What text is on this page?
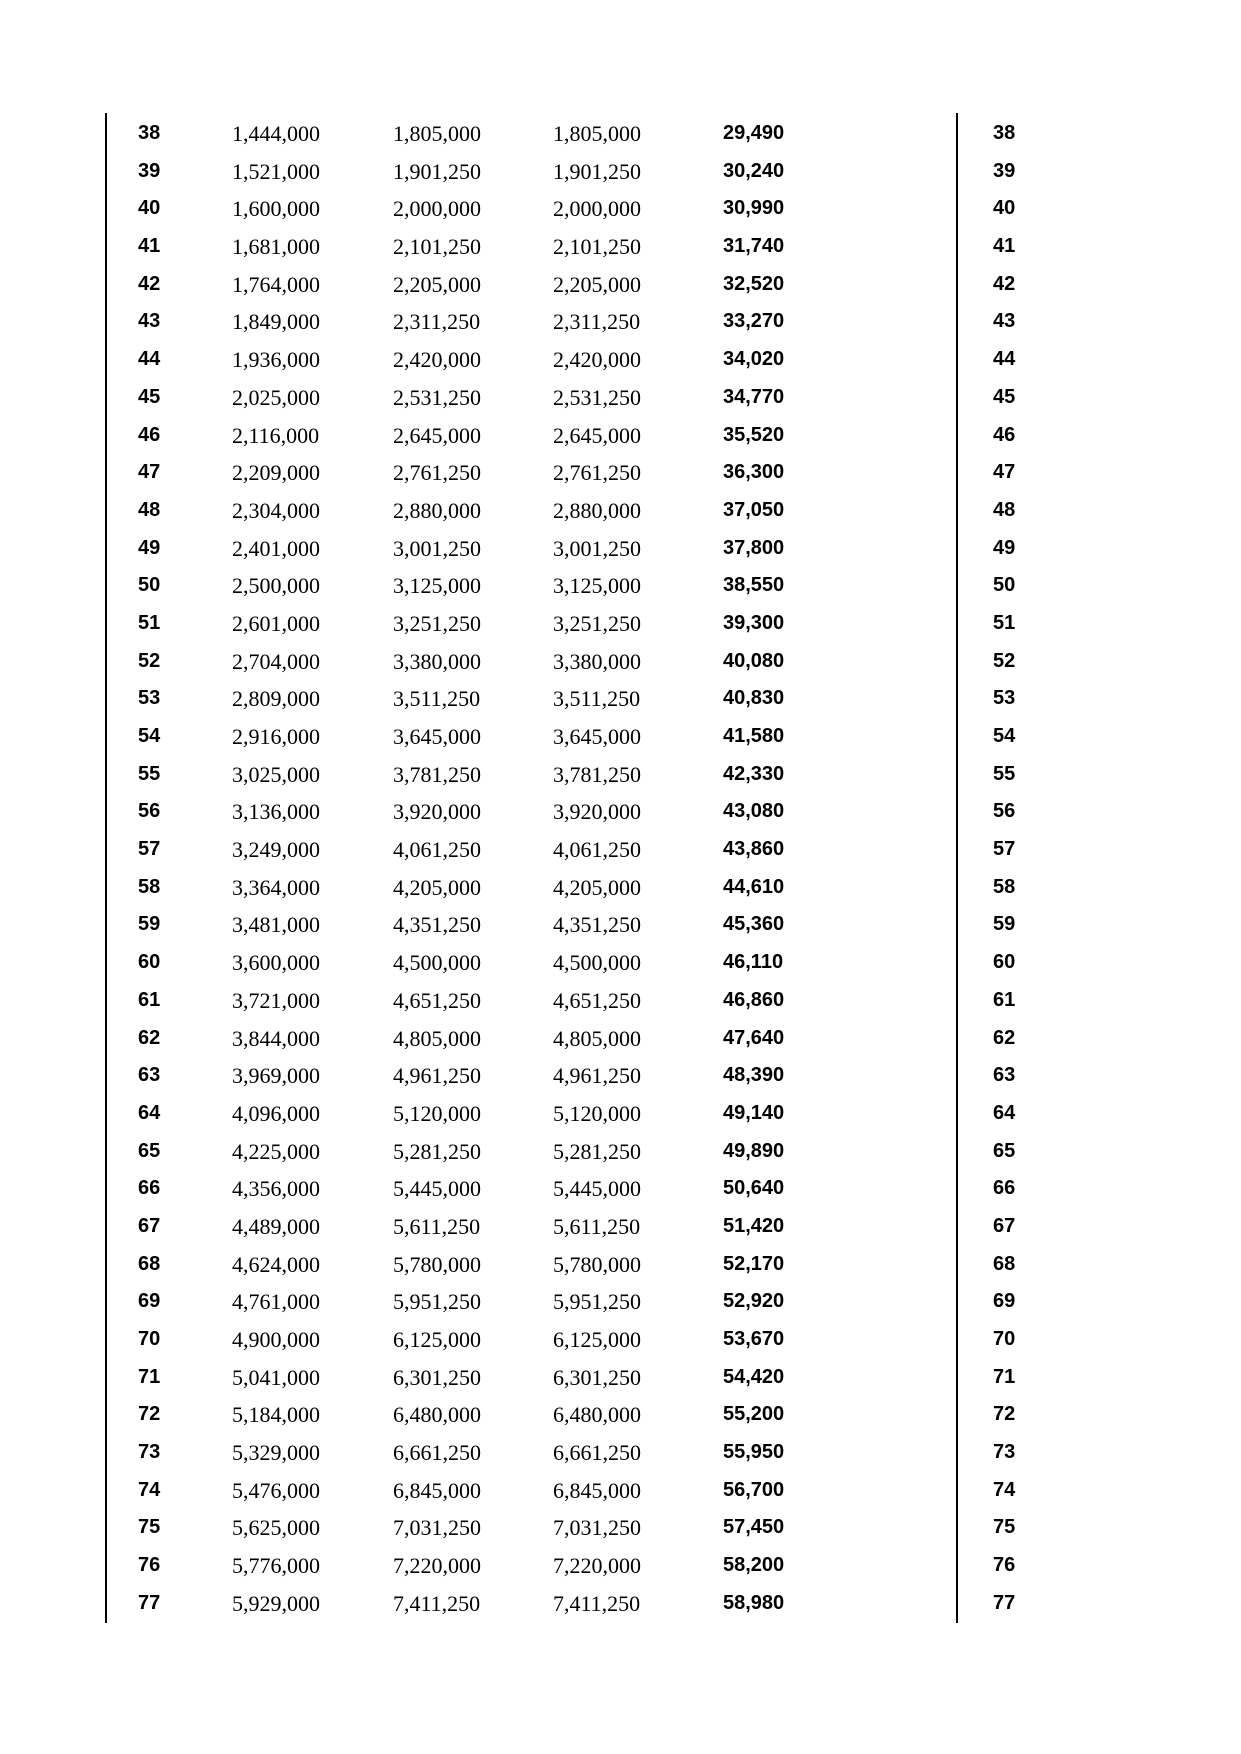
38	1,444,000	1,805,000	1,805,000	29,490	38
39	1,521,000	1,901,250	1,901,250	30,240	39
40	1,600,000	2,000,000	2,000,000	30,990	40
41	1,681,000	2,101,250	2,101,250	31,740	41
42	1,764,000	2,205,000	2,205,000	32,520	42
43	1,849,000	2,311,250	2,311,250	33,270	43
44	1,936,000	2,420,000	2,420,000	34,020	44
45	2,025,000	2,531,250	2,531,250	34,770	45
46	2,116,000	2,645,000	2,645,000	35,520	46
47	2,209,000	2,761,250	2,761,250	36,300	47
48	2,304,000	2,880,000	2,880,000	37,050	48
49	2,401,000	3,001,250	3,001,250	37,800	49
50	2,500,000	3,125,000	3,125,000	38,550	50
51	2,601,000	3,251,250	3,251,250	39,300	51
52	2,704,000	3,380,000	3,380,000	40,080	52
53	2,809,000	3,511,250	3,511,250	40,830	53
54	2,916,000	3,645,000	3,645,000	41,580	54
55	3,025,000	3,781,250	3,781,250	42,330	55
56	3,136,000	3,920,000	3,920,000	43,080	56
57	3,249,000	4,061,250	4,061,250	43,860	57
58	3,364,000	4,205,000	4,205,000	44,610	58
59	3,481,000	4,351,250	4,351,250	45,360	59
60	3,600,000	4,500,000	4,500,000	46,110	60
61	3,721,000	4,651,250	4,651,250	46,860	61
62	3,844,000	4,805,000	4,805,000	47,640	62
63	3,969,000	4,961,250	4,961,250	48,390	63
64	4,096,000	5,120,000	5,120,000	49,140	64
65	4,225,000	5,281,250	5,281,250	49,890	65
66	4,356,000	5,445,000	5,445,000	50,640	66
67	4,489,000	5,611,250	5,611,250	51,420	67
68	4,624,000	5,780,000	5,780,000	52,170	68
69	4,761,000	5,951,250	5,951,250	52,920	69
70	4,900,000	6,125,000	6,125,000	53,670	70
71	5,041,000	6,301,250	6,301,250	54,420	71
72	5,184,000	6,480,000	6,480,000	55,200	72
73	5,329,000	6,661,250	6,661,250	55,950	73
74	5,476,000	6,845,000	6,845,000	56,700	74
75	5,625,000	7,031,250	7,031,250	57,450	75
76	5,776,000	7,220,000	7,220,000	58,200	76
77	5,929,000	7,411,250	7,411,250	58,980	77
